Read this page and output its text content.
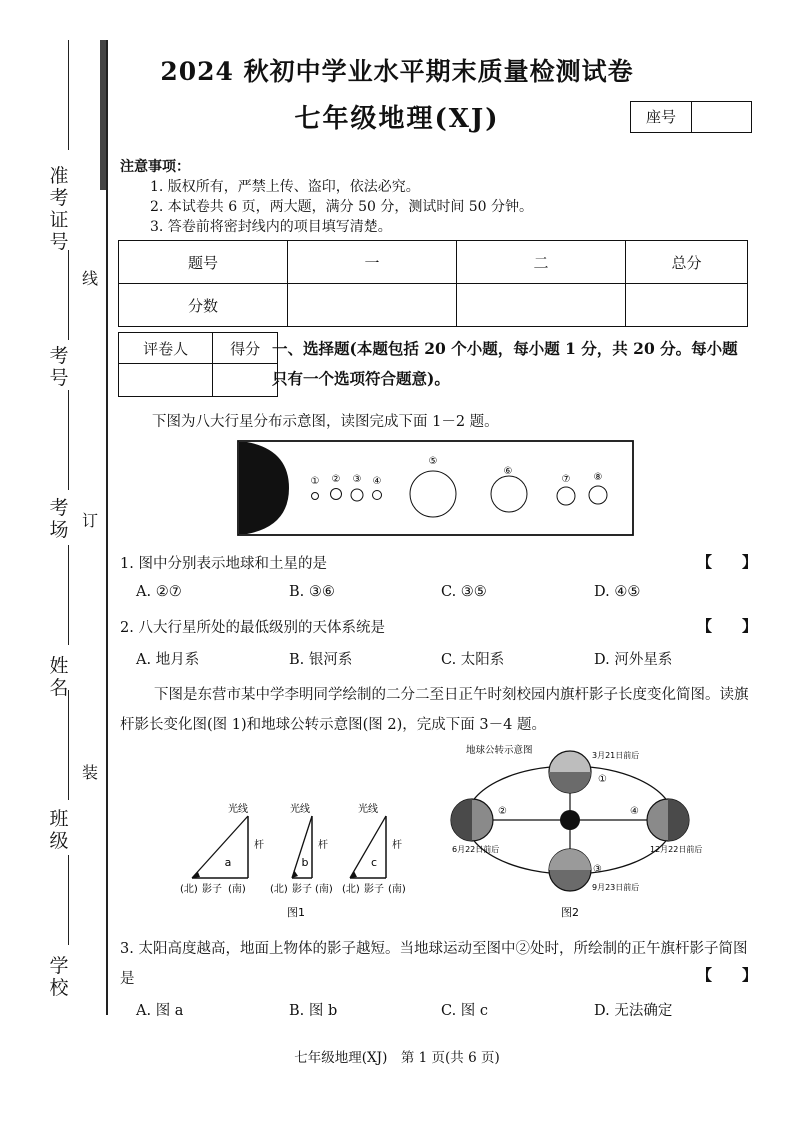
准考证号
线
考号
考场 订
姓名
装
班级
学校
2024 秋初中学业水平期末质量检测试卷
七年级地理(XJ)	座号
注意事项：
1. 版权所有，严禁上传、盗印，依法必究。
2. 本试卷共 6 页，两大题，满分 50 分，测试时间 50 分钟。
3. 答卷前将密封线内的项目填写清楚。
题号	一	二	总分
分数			
评卷人	得分
	一、选择题(本题包括 20 个小题，每小题 1 分，共 20 分。每小题只有一个选项符合题意)。
下图为八大行星分布示意图，读图完成下面 1－2 题。
① ② ③ ④
⑤
⑥
⑦ ⑧
1. 图中分别表示地球和土星的是	【　　】
A. ②⑦	B. ③⑥	C. ③⑤	D. ④⑤
2. 八大行星所处的最低级别的天体系统是	【　　】
A. 地月系	B. 银河系	C. 太阳系	D. 河外星系
下图是东营市某中学李明同学绘制的二分二至日正午时刻校园内旗杆影子长度变化简图。读旗杆影长变化图(图 1)和地球公转示意图(图 2)，完成下面 3－4 题。
光线
杆
a
光线
杆
b
光线
杆
c
(北) 影子 (南) (北) 影子 (南) (北) 影子 (南)
图1
地球公转示意图	3月21日前后
①
②
③
④
6月22日前后	12月22日前后
9月23日前后
图2
3. 太阳高度越高，地面上物体的影子越短。当地球运动至图中②处时，所绘制的正午旗杆影子简图是	【　　】
A. 图 a	B. 图 b	C. 图 c	D. 无法确定
七年级地理(XJ)　第 1 页(共 6 页)
